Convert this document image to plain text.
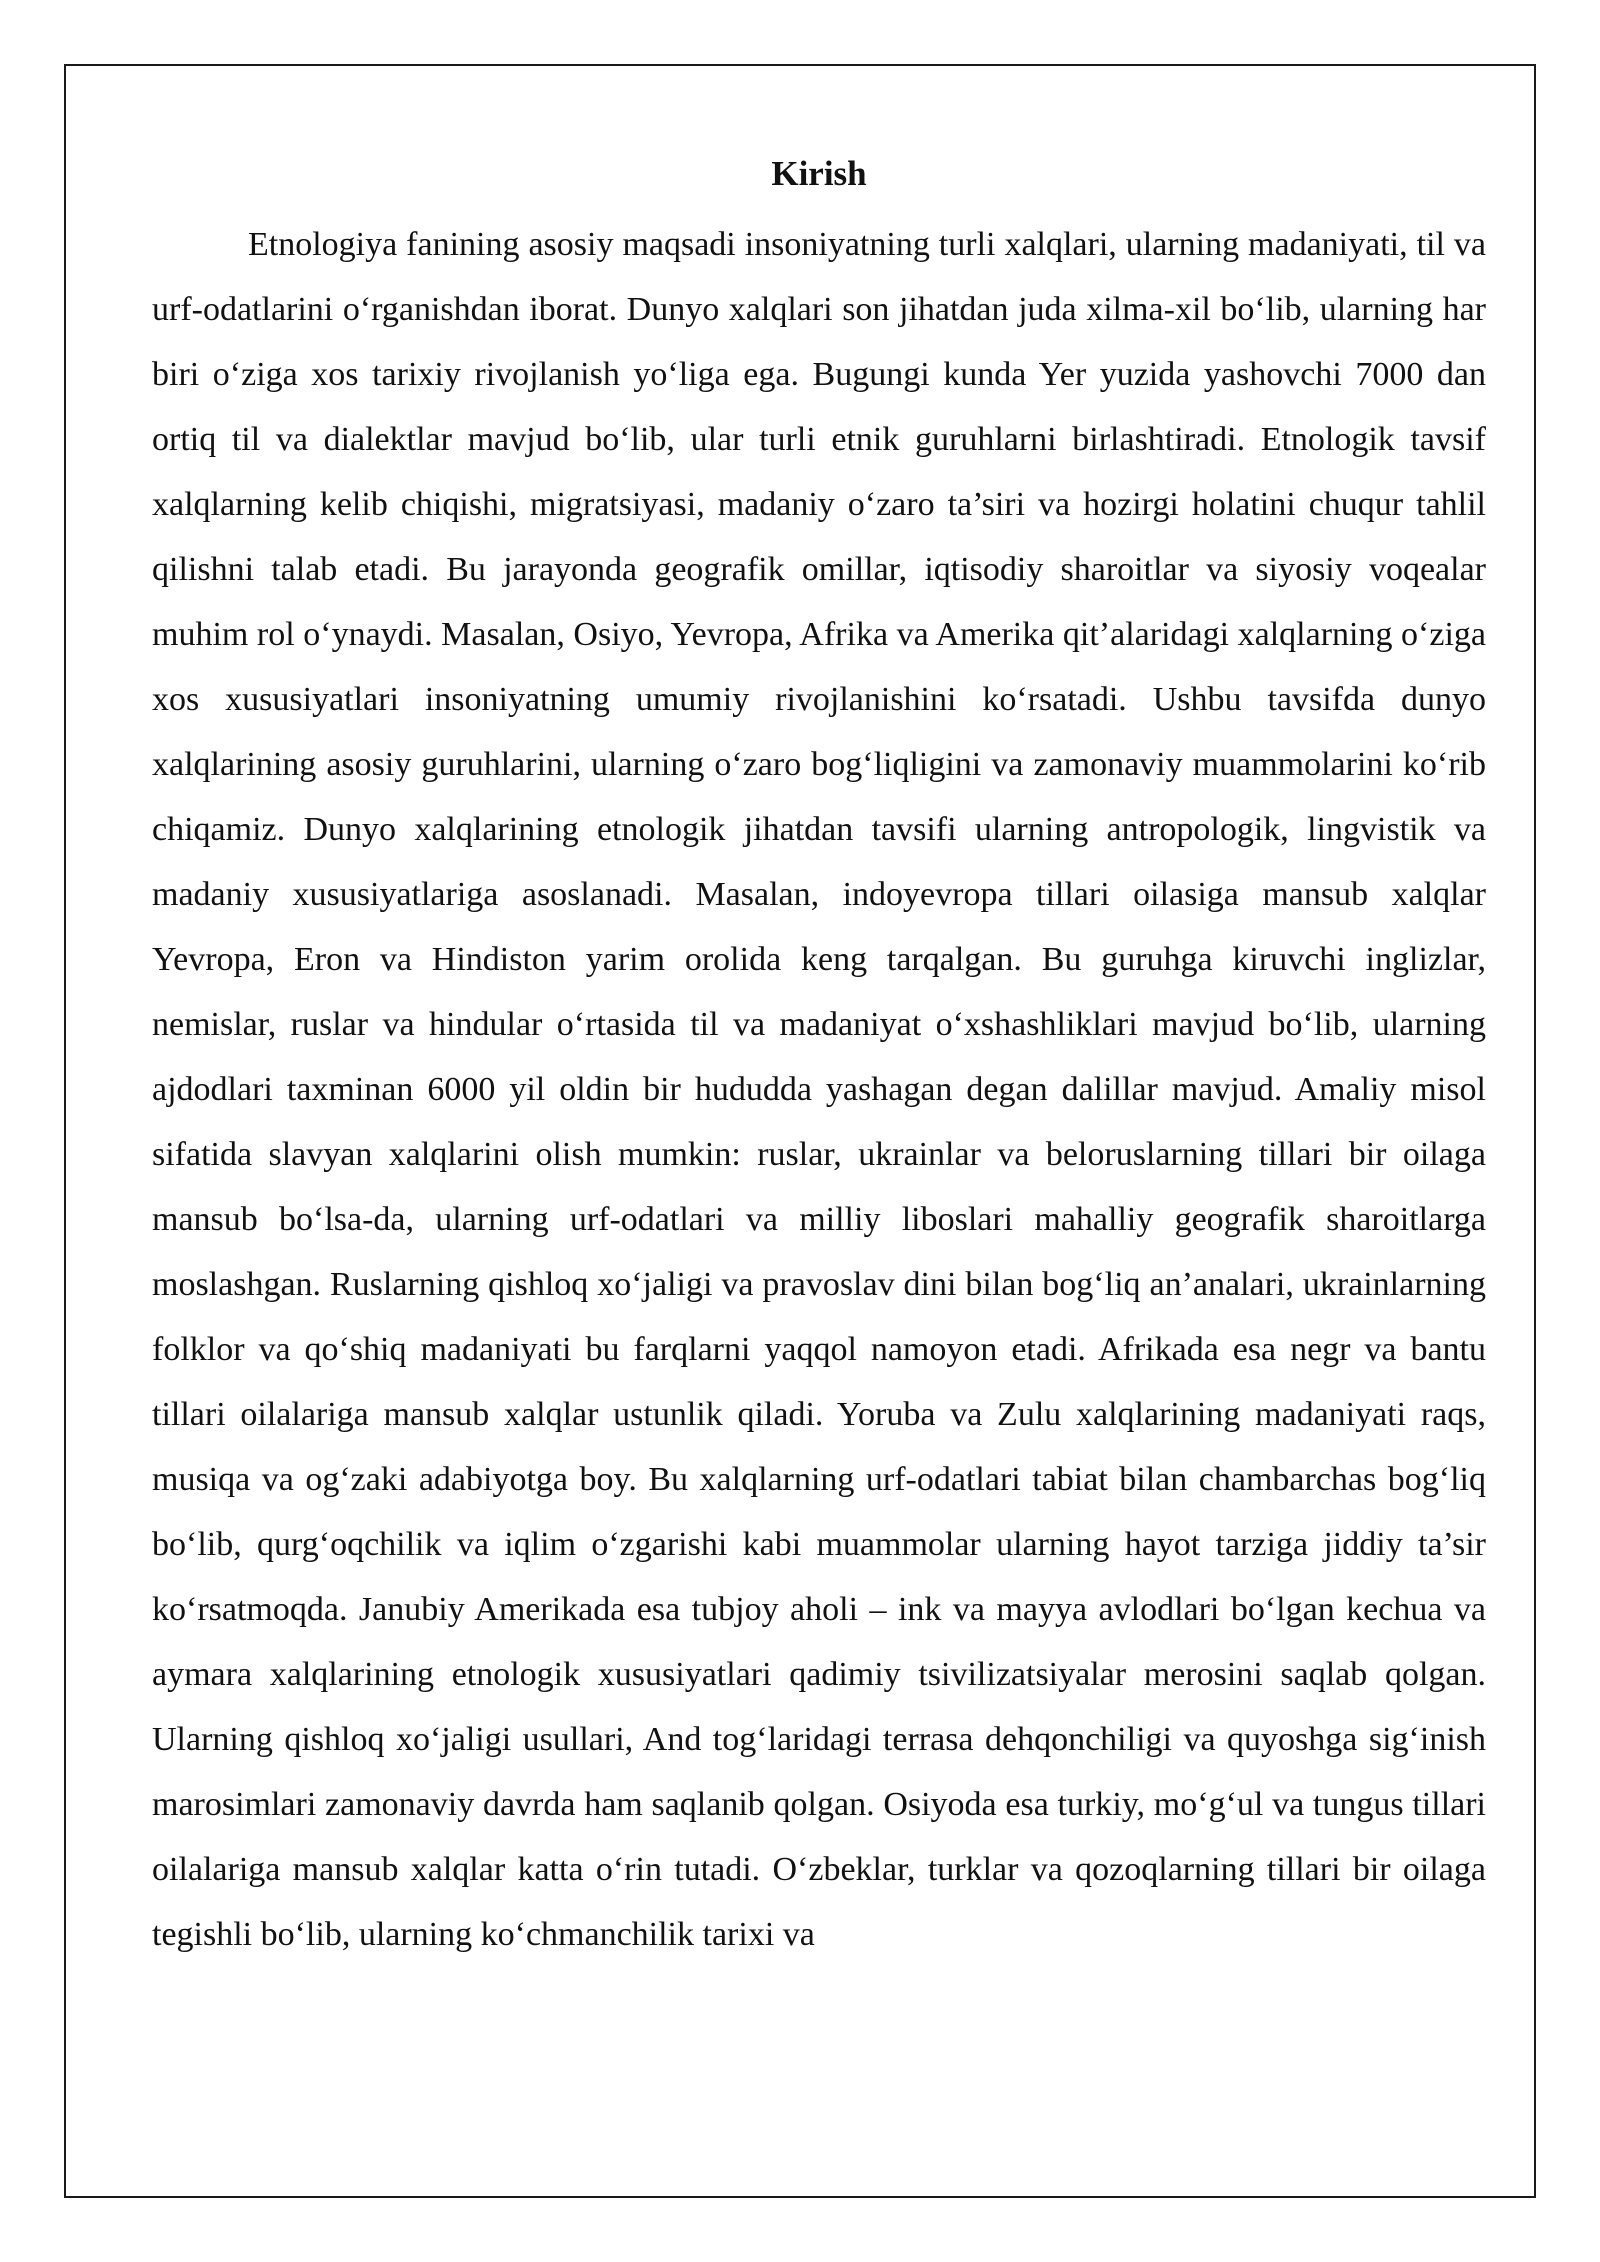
Kirish

Etnologiya fanining asosiy maqsadi insoniyatning turli xalqlari, ularning madaniyati, til va urf-odatlarini o‘rganishdan iborat. Dunyo xalqlari son jihatdan juda xilma-xil bo‘lib, ularning har biri o‘ziga xos tarixiy rivojlanish yo‘liga ega. Bugungi kunda Yer yuzida yashovchi 7000 dan ortiq til va dialektlar mavjud bo‘lib, ular turli etnik guruhlarni birlashtiradi. Etnologik tavsif xalqlarning kelib chiqishi, migratsiyasi, madaniy o‘zaro ta’siri va hozirgi holatini chuqur tahlil qilishni talab etadi. Bu jarayonda geografik omillar, iqtisodiy sharoitlar va siyosiy voqealar muhim rol o‘ynaydi. Masalan, Osiyo, Yevropa, Afrika va Amerika qit’alaridagi xalqlarning o‘ziga xos xususiyatlari insoniyatning umumiy rivojlanishini ko‘rsatadi. Ushbu tavsifda dunyo xalqlarining asosiy guruhlarini, ularning o‘zaro bog‘liqligini va zamonaviy muammolarini ko‘rib chiqamiz. Dunyo xalqlarining etnologik jihatdan tavsifi ularning antropologik, lingvistik va madaniy xususiyatlariga asoslanadi. Masalan, indoyevropa tillari oilasiga mansub xalqlar Yevropa, Eron va Hindiston yarim orolida keng tarqalgan. Bu guruhga kiruvchi inglizlar, nemislar, ruslar va hindular o‘rtasida til va madaniyat o‘xshashliklari mavjud bo‘lib, ularning ajdodlari taxminan 6000 yil oldin bir hududda yashagan degan dalillar mavjud. Amaliy misol sifatida slavyan xalqlarini olish mumkin: ruslar, ukrainlar va beloruslarning tillari bir oilaga mansub bo‘lsa-da, ularning urf-odatlari va milliy liboslari mahalliy geografik sharoitlarga moslashgan. Ruslarning qishloq xo‘jaligi va pravoslav dini bilan bog‘liq an’analari, ukrainlarning folklor va qo‘shiq madaniyati bu farqlarni yaqqol namoyon etadi. Afrikada esa negr va bantu tillari oilalariga mansub xalqlar ustunlik qiladi. Yoruba va Zulu xalqlarining madaniyati raqs, musiqa va og‘zaki adabiyotga boy. Bu xalqlarning urf-odatlari tabiat bilan chambarchas bog‘liq bo‘lib, qurg‘oqchilik va iqlim o‘zgarishi kabi muammolar ularning hayot tarziga jiddiy ta’sir ko‘rsatmoqda. Janubiy Amerikada esa tubjoy aholi – ink va mayya avlodlari bo‘lgan kechua va aymara xalqlarining etnologik xususiyatlari qadimiy tsivilizatsiyalar merosini saqlab qolgan. Ularning qishloq xo‘jaligi usullari, And tog‘laridagi terrasa dehqonchiligi va quyoshga sig‘inish marosimlari zamonaviy davrda ham saqlanib qolgan. Osiyoda esa turkiy, mo‘g‘ul va tungus tillari oilalariga mansub xalqlar katta o‘rin tutadi. O‘zbeklar, turklar va qozoqlarning tillari bir oilaga tegishli bo‘lib, ularning ko‘chmanchilik tarixi va
